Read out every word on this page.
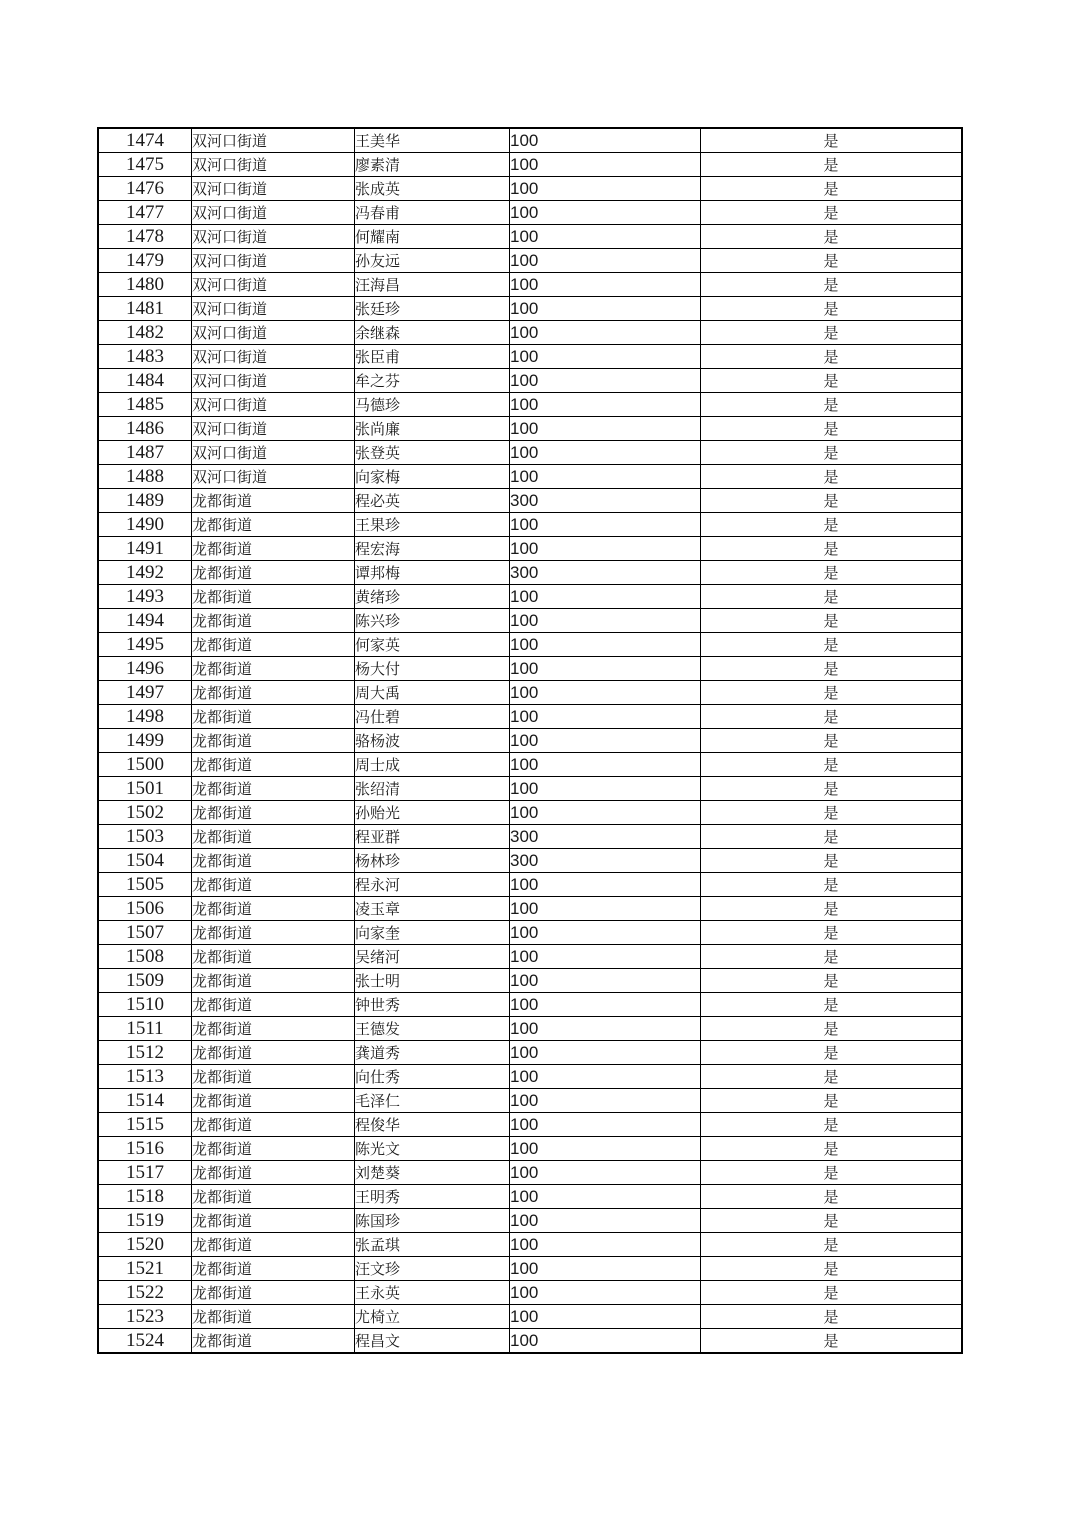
1474	双河口街道	王美华	100	是
1475	双河口街道	廖素清	100	是
1476	双河口街道	张成英	100	是
1477	双河口街道	冯春甫	100	是
1478	双河口街道	何耀南	100	是
1479	双河口街道	孙友远	100	是
1480	双河口街道	汪海昌	100	是
1481	双河口街道	张廷珍	100	是
1482	双河口街道	余继森	100	是
1483	双河口街道	张臣甫	100	是
1484	双河口街道	牟之芬	100	是
1485	双河口街道	马德珍	100	是
1486	双河口街道	张尚廉	100	是
1487	双河口街道	张登英	100	是
1488	双河口街道	向家梅	100	是
1489	龙都街道	程必英	300	是
1490	龙都街道	王果珍	100	是
1491	龙都街道	程宏海	100	是
1492	龙都街道	谭邦梅	300	是
1493	龙都街道	黄绪珍	100	是
1494	龙都街道	陈兴珍	100	是
1495	龙都街道	何家英	100	是
1496	龙都街道	杨大付	100	是
1497	龙都街道	周大禹	100	是
1498	龙都街道	冯仕碧	100	是
1499	龙都街道	骆杨波	100	是
1500	龙都街道	周士成	100	是
1501	龙都街道	张绍清	100	是
1502	龙都街道	孙贻光	100	是
1503	龙都街道	程亚群	300	是
1504	龙都街道	杨林珍	300	是
1505	龙都街道	程永河	100	是
1506	龙都街道	凌玉章	100	是
1507	龙都街道	向家奎	100	是
1508	龙都街道	吴绪河	100	是
1509	龙都街道	张士明	100	是
1510	龙都街道	钟世秀	100	是
1511	龙都街道	王德发	100	是
1512	龙都街道	龚道秀	100	是
1513	龙都街道	向仕秀	100	是
1514	龙都街道	毛泽仁	100	是
1515	龙都街道	程俊华	100	是
1516	龙都街道	陈光文	100	是
1517	龙都街道	刘楚葵	100	是
1518	龙都街道	王明秀	100	是
1519	龙都街道	陈国珍	100	是
1520	龙都街道	张孟琪	100	是
1521	龙都街道	汪文珍	100	是
1522	龙都街道	王永英	100	是
1523	龙都街道	尤椅立	100	是
1524	龙都街道	程昌文	100	是
